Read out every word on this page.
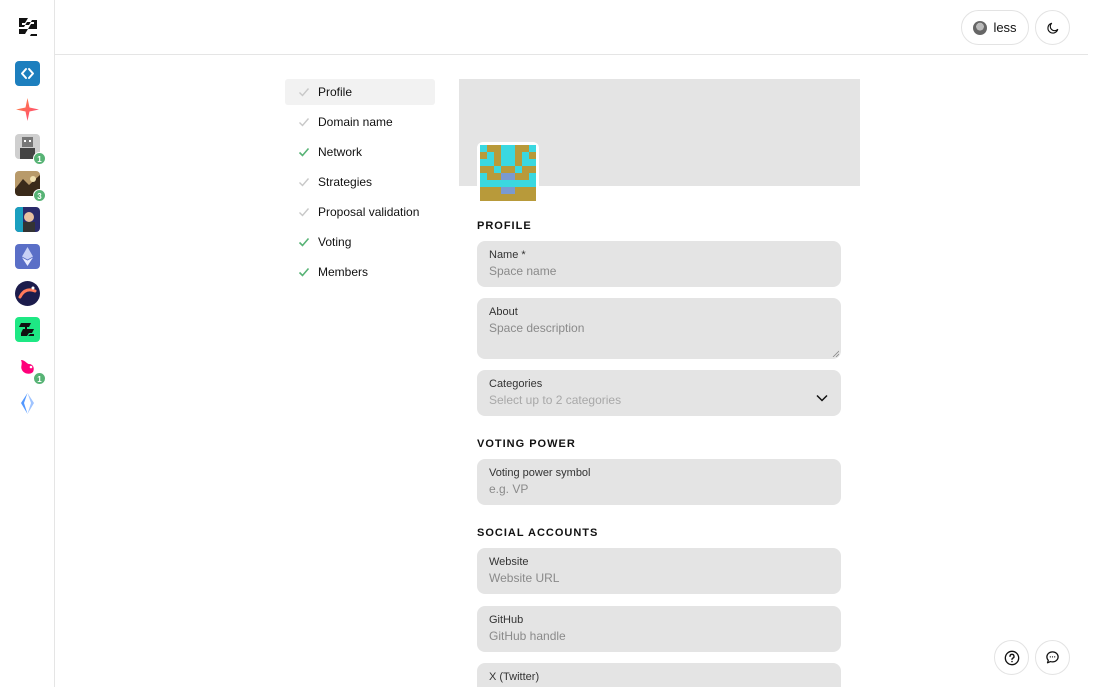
1
3
1
less
Profile
Domain name
Network
Strategies
Proposal validation
Voting
Members
PROFILE
Name *
Space name
About
Space description
Categories
Select up to 2 categories
VOTING POWER
Voting power symbol
e.g. VP
SOCIAL ACCOUNTS
Website
Website URL
GitHub
GitHub handle
X (Twitter)
